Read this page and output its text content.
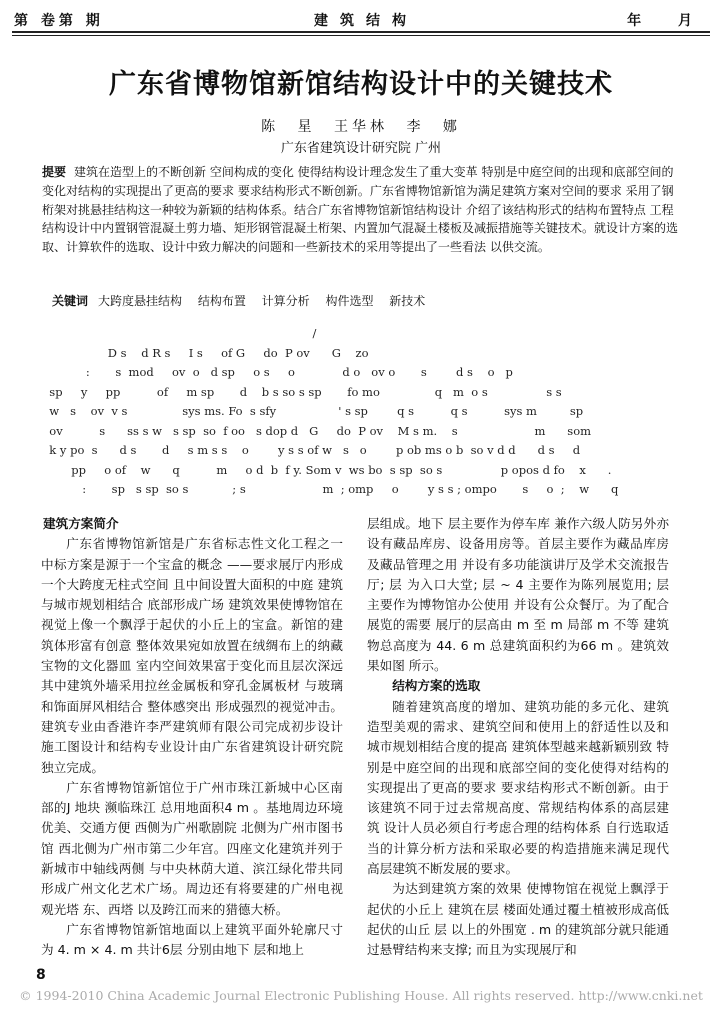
第 卷第 期	建筑结构	年 月
广东省博物馆新馆结构设计中的关键技术
陈 星 王华林 李 娜
广东省建筑设计研究院 广州
提要 建筑在造型上的不断创新 空间构成的变化 使得结构设计理念发生了重大变革 特别是中庭空间的出现和底部空间的变化对结构的实现提出了更高的要求 要求结构形式不断创新。广东省博物馆新馆为满足建筑方案对空间的要求 采用了钢桁架对挑悬挂结构这一种较为新颖的结构体系。结合广东省博物馆新馆结构设计 介绍了该结构形式的结构布置特点 工程结构设计中内置钢管混凝土剪力墙、矩形钢管混凝土桁架、内置加气混凝土楼板及减振措施等关键技术。就设计方案的选取、计算软件的选取、设计中致力解决的问题和一些新技术的采用等提出了一些看法 以供交流。
关键词 大跨度悬挂结构 结构布置 计算分析 构件选型 新技术
/
D s    d R s     I s     of G     do  P ov      G    zo
:       s  mod     ov  o   d sp     o s     o             d o   ov o       s        d s    o   p
sp     y     pp          of     m sp       d    b s so s sp       fo mo               q   m  o s                s s
w   s    ov  v s               sys ms. Fo  s sfy                 ' s sp        q s          q s          sys m         sp
ov          s      ss s w   s sp  so  f oo   s dop d   G     do  P ov    M s m.    s                     m      som
k y po  s      d s       d     s m s s    o        y s s of w   s   o        p ob ms o b  so v d d      d s     d
pp     o of    w      q          m     o d  b  f y. Som v  ws bo  s sp  so s                p opos d fo    x      .
:       sp   s sp  so s            ; s                     m  ; omp     o        y s s ; ompo       s     o  ;    w      q

建筑方案简介

广东省博物馆新馆是广东省标志性文化工程之一 中标方案是源于一个宝盒的概念 ——要求展厅内形成一个大跨度无柱式空间 且中间设置大面积的中庭 建筑与城市规划相结合 底部形成广场 建筑效果使博物馆在视觉上像一个飘浮于起伏的小丘上的宝盒。新馆的建筑体形富有创意 整体效果宛如放置在绒绸布上的纳藏宝物的文化器皿 室内空间效果富于变化而且层次深远 其中建筑外墙采用拉丝金属板和穿孔金属板材 与玻璃和饰面屏风相结合 整体感突出 形成强烈的视觉冲击。建筑专业由香港许李严建筑师有限公司完成初步设计 施工图设计和结构专业设计由广东省建筑设计研究院独立完成。

广东省博物馆新馆位于广州市珠江新城中心区南部的J 地块 濒临珠江 总用地面积4 m 。基地周边环境优美、交通方便 西侧为广州歌剧院 北侧为广州市图书馆 西北侧为广州市第二少年宫。四座文化建筑并列于新城市中轴线两侧 与中央林荫大道、滨江绿化带共同形成广州文化艺术广场。周边还有将要建的广州电视观光塔 东、西塔 以及跨江而来的猎德大桥。

广东省博物馆新馆地面以上建筑平面外轮廓尺寸为 4. m × 4. m 共计6层 分别由地下 层和地上

层组成。地下 层主要作为停车库 兼作六级人防另外亦设有藏品库房、设备用房等。首层主要作为藏品库房及藏品管理之用 并设有多功能演讲厅及学术交流报告厅; 层 为入口大堂; 层 ~ 4 主要作为陈列展览用; 层 主要作为博物馆办公使用 并设有公众餐厅。为了配合展览的需要 展厅的层高由 m 至 m 局部 m 不等 建筑物总高度为 44. 6 m 总建筑面积约为66 m 。建筑效果如图 所示。

结构方案的选取

随着建筑高度的增加、建筑功能的多元化、建筑造型美观的需求、建筑空间和使用上的舒适性以及和城市规划相结合度的提高 建筑体型越来越新颖别致 特别是中庭空间的出现和底部空间的变化使得对结构的实现提出了更高的要求 要求结构形式不断创新。由于该建筑不同于过去常规高度、常规结构体系的高层建筑 设计人员必须自行考虑合理的结构体系 自行选取适当的计算分析方法和采取必要的构造措施来满足现代高层建筑不断发展的要求。

为达到建筑方案的效果 使博物馆在视觉上飘浮于起伏的小丘上 建筑在层 楼面处通过覆土植被形成高低起伏的山丘 层 以上的外围宽 . m 的建筑部分就只能通过悬臂结构来支撑; 而且为实现展厅和

8
© 1994-2010 China Academic Journal Electronic Publishing House. All rights reserved. http://www.cnki.net
